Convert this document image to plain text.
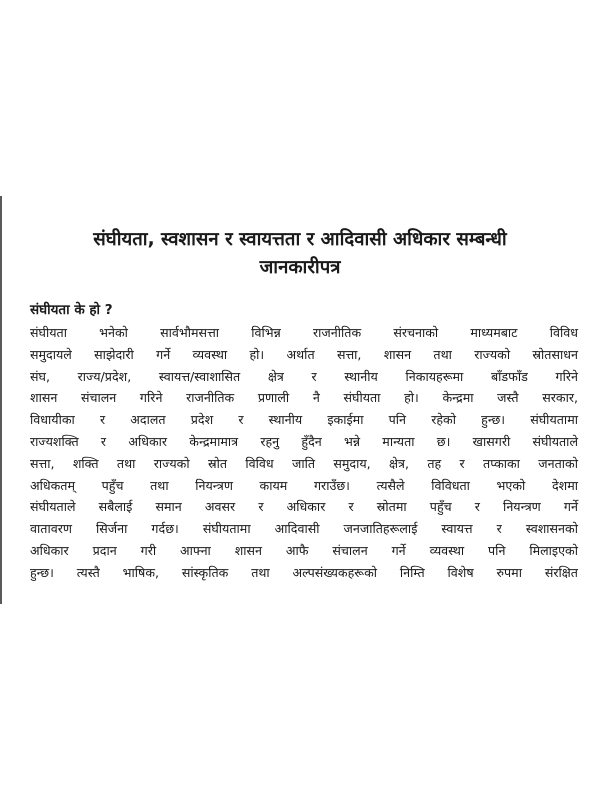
संघीयता, स्वशासन र स्वायत्तता र आदिवासी अधिकार सम्बन्धी
जानकारीपत्र
संघीयता के हो ?
संघीयता भनेको सार्वभौमसत्ता विभिन्न राजनीतिक संरचनाको माध्यमबाट विविध
समुदायले साझेदारी गर्ने व्यवस्था हो। अर्थात सत्ता, शासन तथा राज्यको स्रोतसाधन
संघ, राज्य/प्रदेश, स्वायत्त/स्वाशासित क्षेत्र र स्थानीय निकायहरूमा बाँडफाँड गरिने
शासन संचालन गरिने राजनीतिक प्रणाली नै संघीयता हो। केन्द्रमा जस्तै सरकार,
विधायीका र अदालत प्रदेश र स्थानीय इकाईमा पनि रहेको हुन्छ। संघीयतामा
राज्यशक्ति र अधिकार केन्द्रमामात्र रहनु हुँदैन भन्ने मान्यता छ। खासगरी संघीयताले
सत्ता, शक्ति तथा राज्यको स्रोत विविध जाति समुदाय, क्षेत्र, तह र तप्काका जनताको
अधिकतम् पहुँच तथा नियन्त्रण कायम गराउँछ। त्यसैले विविधता भएको देशमा
संघीयताले सबैलाई समान अवसर र अधिकार र स्रोतमा पहुँच र नियन्त्रण गर्ने
वातावरण सिर्जना गर्दछ। संघीयतामा आदिवासी जनजातिहरूलाई स्वायत्त र स्वशासनको
अधिकार प्रदान गरी आफ्ना शासन आफै संचालन गर्ने व्यवस्था पनि मिलाइएको
हुन्छ। त्यस्तै भाषिक, सांस्कृतिक तथा अल्पसंख्यकहरूको निम्ति विशेष रुपमा संरक्षित
